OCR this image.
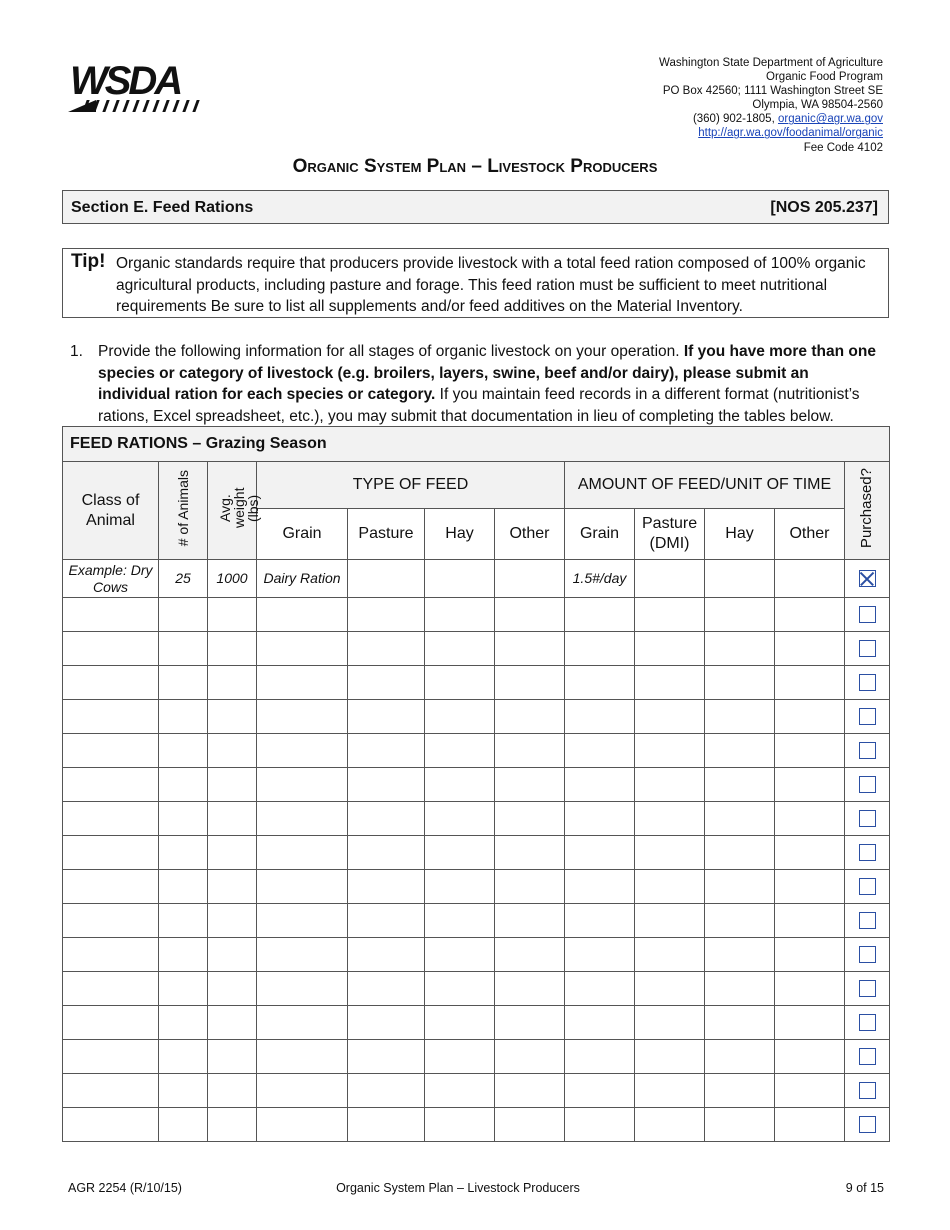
WSDA	Washington State Department of Agriculture
Organic Food Program
PO Box 42560; 1111 Washington Street SE
Olympia, WA 98504-2560
(360) 902-1805, organic@agr.wa.gov
http://agr.wa.gov/foodanimal/organic
Fee Code 4102
Organic System Plan – Livestock Producers
Section E. Feed Rations	[NOS 205.237]
Tip! Organic standards require that producers provide livestock with a total feed ration composed of 100% organic agricultural products, including pasture and forage. This feed ration must be sufficient to meet nutritional requirements Be sure to list all supplements and/or feed additives on the Material Inventory.
1. Provide the following information for all stages of organic livestock on your operation. If you have more than one species or category of livestock (e.g. broilers, layers, swine, beef and/or dairy), please submit an individual ration for each species or category. If you maintain feed records in a different format (nutritionist’s rations, Excel spreadsheet, etc.), you may submit that documentation in lieu of completing the tables below.
FEED RATIONS – Grazing Season											
Class of Animal	# of Animals	Avg. weight (lbs)	TYPE OF FEED				AMOUNT OF FEED/UNIT OF TIME				Purchased?
			Grain	Pasture	Hay	Other	Grain	Pasture (DMI)	Hay	Other	
Example: Dry Cows	25	1000	Dairy Ration				1.5#/day				

AGR 2254 (R/10/15)	Organic System Plan – Livestock Producers	9 of 15
